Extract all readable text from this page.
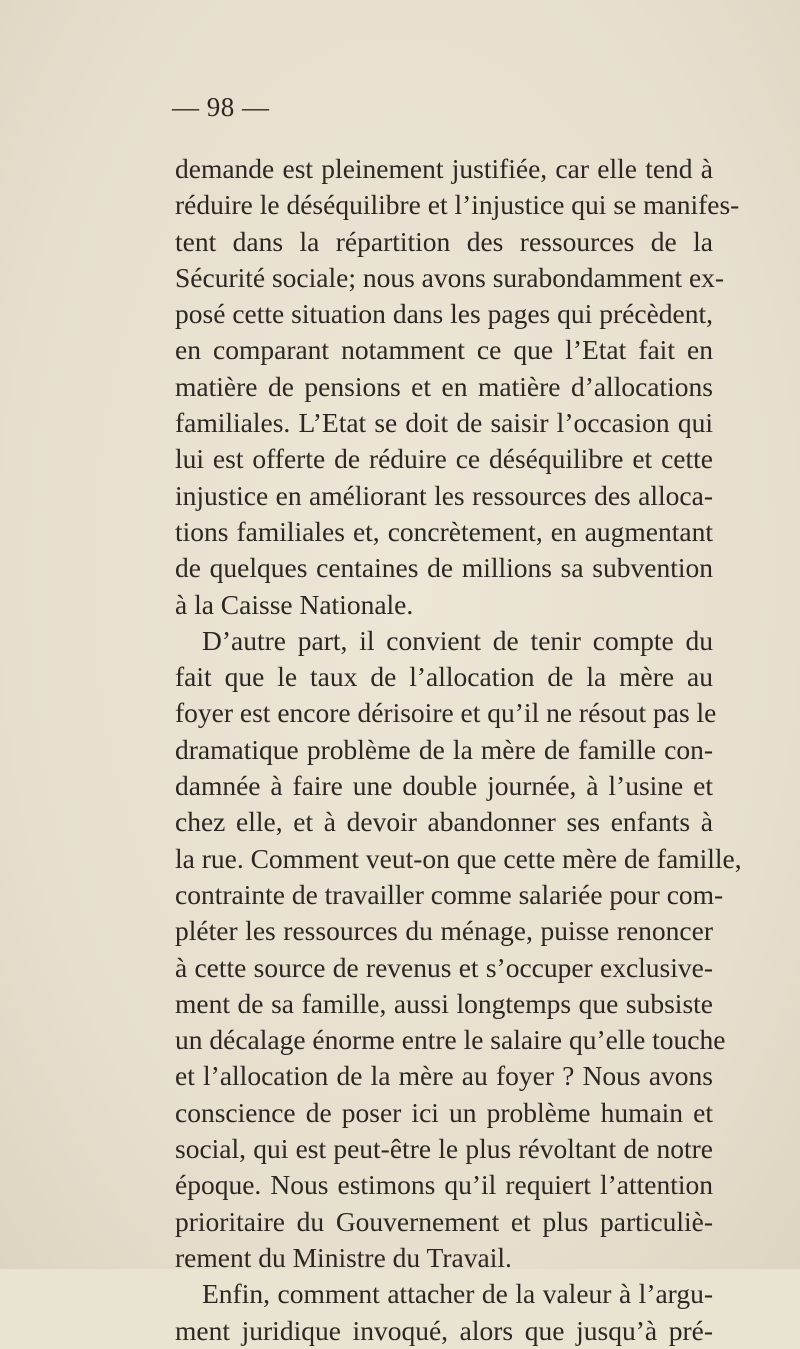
— 98 —
demande est pleinement justifiée, car elle tend à
réduire le déséquilibre et l’injustice qui se manifes-
tent dans la répartition des ressources de la
Sécurité sociale; nous avons surabondamment ex-
posé cette situation dans les pages qui précèdent,
en comparant notamment ce que l’Etat fait en
matière de pensions et en matière d’allocations
familiales. L’Etat se doit de saisir l’occasion qui
lui est offerte de réduire ce déséquilibre et cette
injustice en améliorant les ressources des alloca-
tions familiales et, concrètement, en augmentant
de quelques centaines de millions sa subvention
à la Caisse Nationale.
D’autre part, il convient de tenir compte du
fait que le taux de l’allocation de la mère au
foyer est encore dérisoire et qu’il ne résout pas le
dramatique problème de la mère de famille con-
damnée à faire une double journée, à l’usine et
chez elle, et à devoir abandonner ses enfants à
la rue. Comment veut-on que cette mère de famille,
contrainte de travailler comme salariée pour com-
pléter les ressources du ménage, puisse renoncer
à cette source de revenus et s’occuper exclusive-
ment de sa famille, aussi longtemps que subsiste
un décalage énorme entre le salaire qu’elle touche
et l’allocation de la mère au foyer ? Nous avons
conscience de poser ici un problème humain et
social, qui est peut-être le plus révoltant de notre
époque. Nous estimons qu’il requiert l’attention
prioritaire du Gouvernement et plus particuliè-
rement du Ministre du Travail.
Enfin, comment attacher de la valeur à l’argu-
ment juridique invoqué, alors que jusqu’à pré-
